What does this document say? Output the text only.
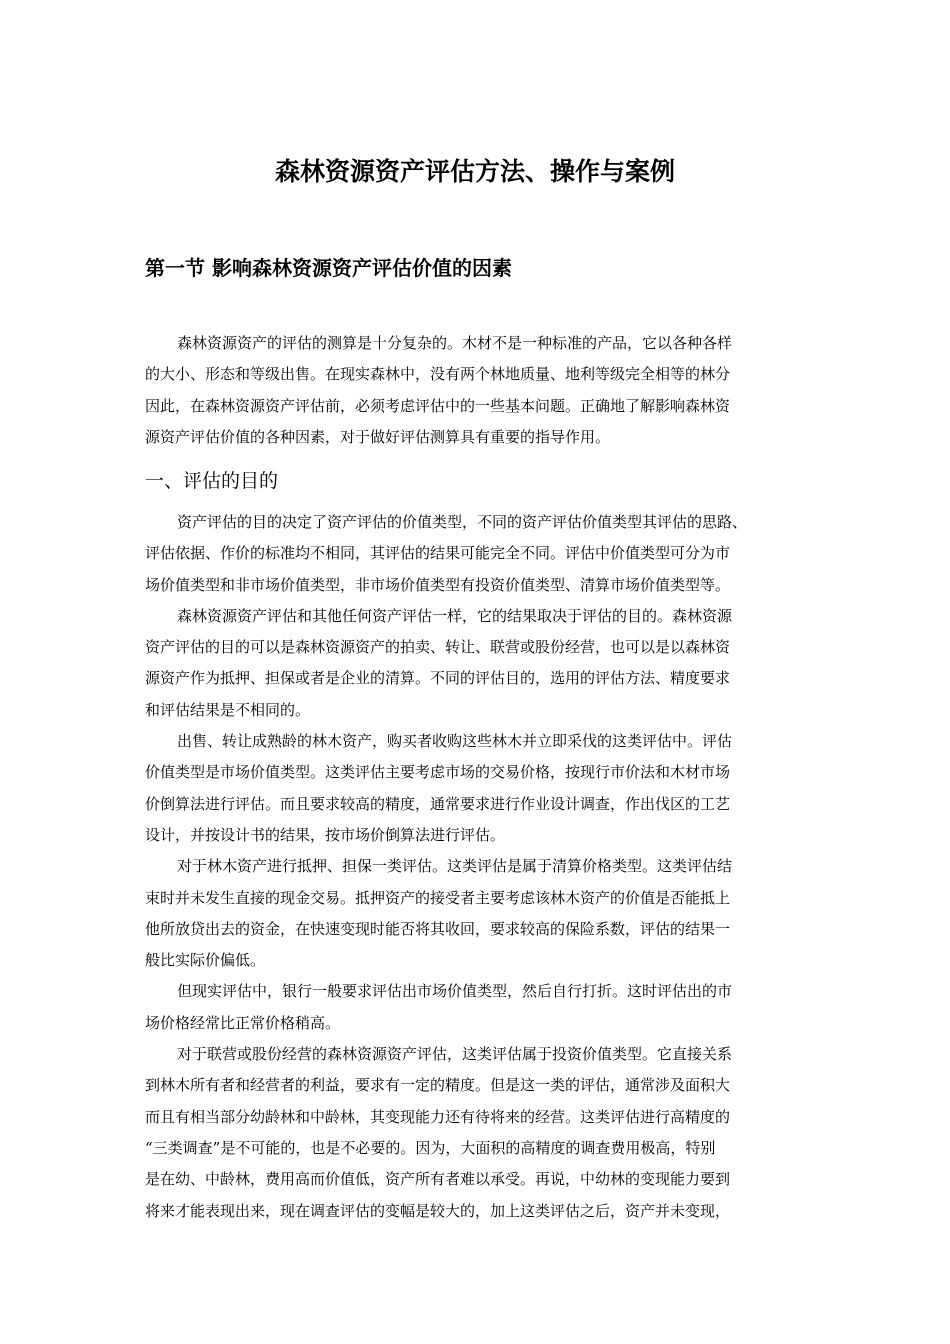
森林资源资产评估方法、操作与案例
第一节 影响森林资源资产评估价值的因素
森林资源资产的评估的测算是十分复杂的。木材不是一种标准的产品，它以各种各样
的大小、形态和等级出售。在现实森林中，没有两个林地质量、地利等级完全相等的林分
因此，在森林资源资产评估前，必须考虑评估中的一些基本问题。正确地了解影响森林资
源资产评估价值的各种因素，对于做好评估测算具有重要的指导作用。
一、评估的目的
资产评估的目的决定了资产评估的价值类型，不同的资产评估价值类型其评估的思路、
评估依据、作价的标准均不相同，其评估的结果可能完全不同。评估中价值类型可分为市
场价值类型和非市场价值类型，非市场价值类型有投资价值类型、清算市场价值类型等。
森林资源资产评估和其他任何资产评估一样，它的结果取决于评估的目的。森林资源
资产评估的目的可以是森林资源资产的拍卖、转让、联营或股份经营，也可以是以森林资
源资产作为抵押、担保或者是企业的清算。不同的评估目的，选用的评估方法、精度要求
和评估结果是不相同的。
出售、转让成熟龄的林木资产，购买者收购这些林木并立即采伐的这类评估中。评估
价值类型是市场价值类型。这类评估主要考虑市场的交易价格，按现行市价法和木材市场
价倒算法进行评估。而且要求较高的精度，通常要求进行作业设计调查，作出伐区的工艺
设计，并按设计书的结果，按市场价倒算法进行评估。
对于林木资产进行抵押、担保一类评估。这类评估是属于清算价格类型。这类评估结
束时并未发生直接的现金交易。抵押资产的接受者主要考虑该林木资产的价值是否能抵上
他所放贷出去的资金，在快速变现时能否将其收回，要求较高的保险系数，评估的结果一
般比实际价偏低。
但现实评估中，银行一般要求评估出市场价值类型，然后自行打折。这时评估出的市
场价格经常比正常价格稍高。
对于联营或股份经营的森林资源资产评估，这类评估属于投资价值类型。它直接关系
到林木所有者和经营者的利益，要求有一定的精度。但是这一类的评估，通常涉及面积大
而且有相当部分幼龄林和中龄林，其变现能力还有待将来的经营。这类评估进行高精度的
“三类调查”是不可能的，也是不必要的。因为，大面积的高精度的调查费用极高，特别
是在幼、中龄林，费用高而价值低，资产所有者难以承受。再说，中幼林的变现能力要到
将来才能表现出来，现在调查评估的变幅是较大的，加上这类评估之后，资产并未变现，
